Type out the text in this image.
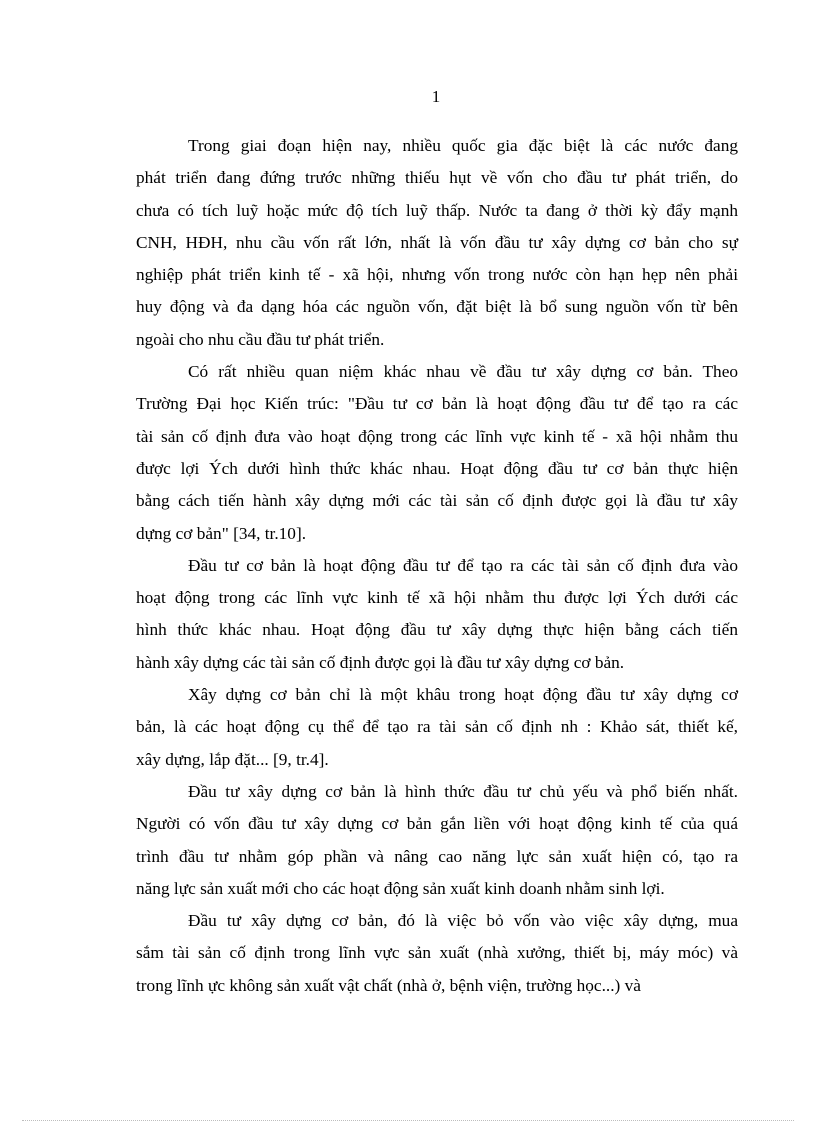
1

Trong giai đoạn hiện nay, nhiều quốc gia đặc biệt là các nước đang
phát triển đang đứng trước những thiếu hụt về vốn cho đầu tư phát triển, do
chưa có tích luỹ hoặc mức độ tích luỹ thấp. Nước ta đang ở thời kỳ đẩy mạnh
CNH, HĐH, nhu cầu vốn rất lớn, nhất là vốn đầu tư xây dựng cơ bản cho sự
nghiệp phát triển kinh tế - xã hội, nhưng vốn trong nước còn hạn hẹp nên phải
huy động và đa dạng hóa các nguồn vốn, đặt biệt là bổ sung nguồn vốn từ bên
ngoài cho nhu cầu đầu tư phát triển.

Có rất nhiều quan niệm khác nhau về đầu tư xây dựng cơ bản. Theo
Trường Đại học Kiến trúc: "Đầu tư cơ bản là hoạt động đầu tư để tạo ra các
tài sản cố định đưa vào hoạt động trong các lĩnh vực kinh tế - xã hội nhằm thu
được lợi Ých dưới hình thức khác nhau. Hoạt động đầu tư cơ bản thực hiện
bằng cách tiến hành xây dựng mới các tài sản cố định được gọi là đầu tư xây
dựng cơ bản" [34, tr.10].

Đầu tư cơ bản là hoạt động đầu tư để tạo ra các tài sản cố định đưa vào
hoạt động trong các lĩnh vực kinh tế xã hội nhằm thu được lợi Ých dưới các
hình thức khác nhau. Hoạt động đầu tư xây dựng thực hiện bằng cách tiến
hành xây dựng các tài sản cố định được gọi là đầu tư xây dựng cơ bản.

Xây dựng cơ bản chỉ là một khâu trong hoạt động đầu tư xây dựng cơ
bản, là các hoạt động cụ thể để tạo ra tài sản cố định nh : Khảo sát, thiết kế,
xây dựng, lắp đặt... [9, tr.4].

Đầu tư xây dựng cơ bản là hình thức đầu tư chủ yếu và phổ biến nhất.
Người có vốn đầu tư xây dựng cơ bản gắn liền với hoạt động kinh tế của quá
trình đầu tư nhằm góp phần và nâng cao năng lực sản xuất hiện có, tạo ra
năng lực sản xuất mới cho các hoạt động sản xuất kinh doanh nhằm sinh lợi.

Đầu tư xây dựng cơ bản, đó là việc bỏ vốn vào việc xây dựng, mua
sắm tài sản cố định trong lĩnh vực sản xuất (nhà xưởng, thiết bị, máy móc) và
trong lĩnh ực không sản xuất vật chất (nhà ở, bệnh viện, trường học...) và
